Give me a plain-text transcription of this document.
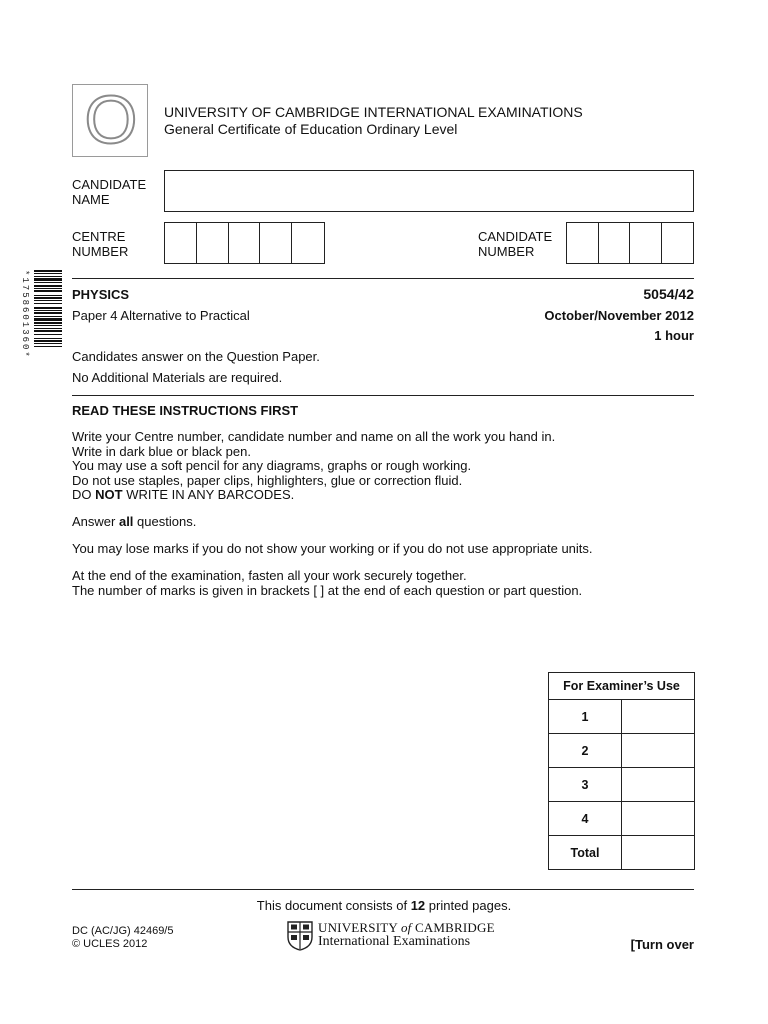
O	UNIVERSITY OF CAMBRIDGE INTERNATIONAL EXAMINATIONS
General Certificate of Education Ordinary Level
CANDIDATE
NAME
CENTRE
NUMBER
CANDIDATE
NUMBER
*1758601360*	PHYSICS	5054/42
Paper 4 Alternative to Practical	October/November 2012
1 hour
Candidates answer on the Question Paper.
No Additional Materials are required.
READ THESE INSTRUCTIONS FIRST
Write your Centre number, candidate number and name on all the work you hand in.
Write in dark blue or black pen.
You may use a soft pencil for any diagrams, graphs or rough working.
Do not use staples, paper clips, highlighters, glue or correction fluid.
DO NOT WRITE IN ANY BARCODES.
Answer all questions.
You may lose marks if you do not show your working or if you do not use appropriate units.
At the end of the examination, fasten all your work securely together.
The number of marks is given in brackets [ ] at the end of each question or part question.
For Examiner’s Use	
1	
2	
3	
4	
Total	
This document consists of 12 printed pages.
DC (AC/JG) 42469/5
© UCLES 2012
UNIVERSITY of CAMBRIDGE
International Examinations	[Turn over
